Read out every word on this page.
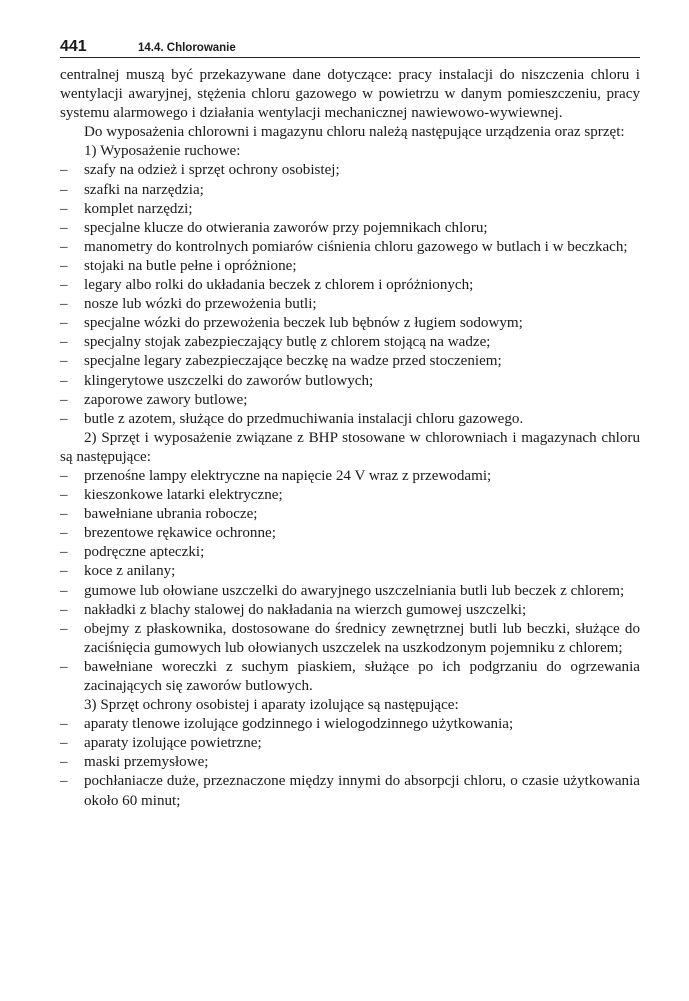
441	14.4. Chlorowanie
centralnej muszą być przekazywane dane dotyczące: pracy instalacji do niszczenia chloru i wentylacji awaryjnej, stężenia chloru gazowego w powietrzu w danym pomieszczeniu, pracy systemu alarmowego i działania wentylacji mechanicznej nawiewowo-wywiewnej.
Do wyposażenia chlorowni i magazynu chloru należą następujące urządzenia oraz sprzęt:
1) Wyposażenie ruchowe:
– szafy na odzież i sprzęt ochrony osobistej;
– szafki na narzędzia;
– komplet narzędzi;
– specjalne klucze do otwierania zaworów przy pojemnikach chloru;
– manometry do kontrolnych pomiarów ciśnienia chloru gazowego w butlach i w beczkach;
– stojaki na butle pełne i opróżnione;
– legary albo rolki do układania beczek z chlorem i opróżnionych;
– nosze lub wózki do przewożenia butli;
– specjalne wózki do przewożenia beczek lub bębnów z ługiem sodowym;
– specjalny stojak zabezpieczający butlę z chlorem stojącą na wadze;
– specjalne legary zabezpieczające beczkę na wadze przed stoczeniem;
– klingerytowe uszczelki do zaworów butlowych;
– zaporowe zawory butlowe;
– butle z azotem, służące do przedmuchiwania instalacji chloru gazowego.
2) Sprzęt i wyposażenie związane z BHP stosowane w chlorowniach i magazynach chloru są następujące:
– przenośne lampy elektryczne na napięcie 24 V wraz z przewodami;
– kieszonkowe latarki elektryczne;
– bawełniane ubrania robocze;
– brezentowe rękawice ochronne;
– podręczne apteczki;
– koce z anilany;
– gumowe lub ołowiane uszczelki do awaryjnego uszczelniania butli lub beczek z chlorem;
– nakładki z blachy stalowej do nakładania na wierzch gumowej uszczelki;
– obejmy z płaskownika, dostosowane do średnicy zewnętrznej butli lub beczki, służące do zaciśnięcia gumowych lub ołowianych uszczelek na uszkodzonym pojemniku z chlorem;
– bawełniane woreczki z suchym piaskiem, służące po ich podgrzaniu do ogrzewania zacinających się zaworów butlowych.
3) Sprzęt ochrony osobistej i aparaty izolujące są następujące:
– aparaty tlenowe izolujące godzinnego i wielogodzinnego użytkowania;
– aparaty izolujące powietrzne;
– maski przemysłowe;
– pochłaniacze duże, przeznaczone między innymi do absorpcji chloru, o czasie użytkowania około 60 minut;
